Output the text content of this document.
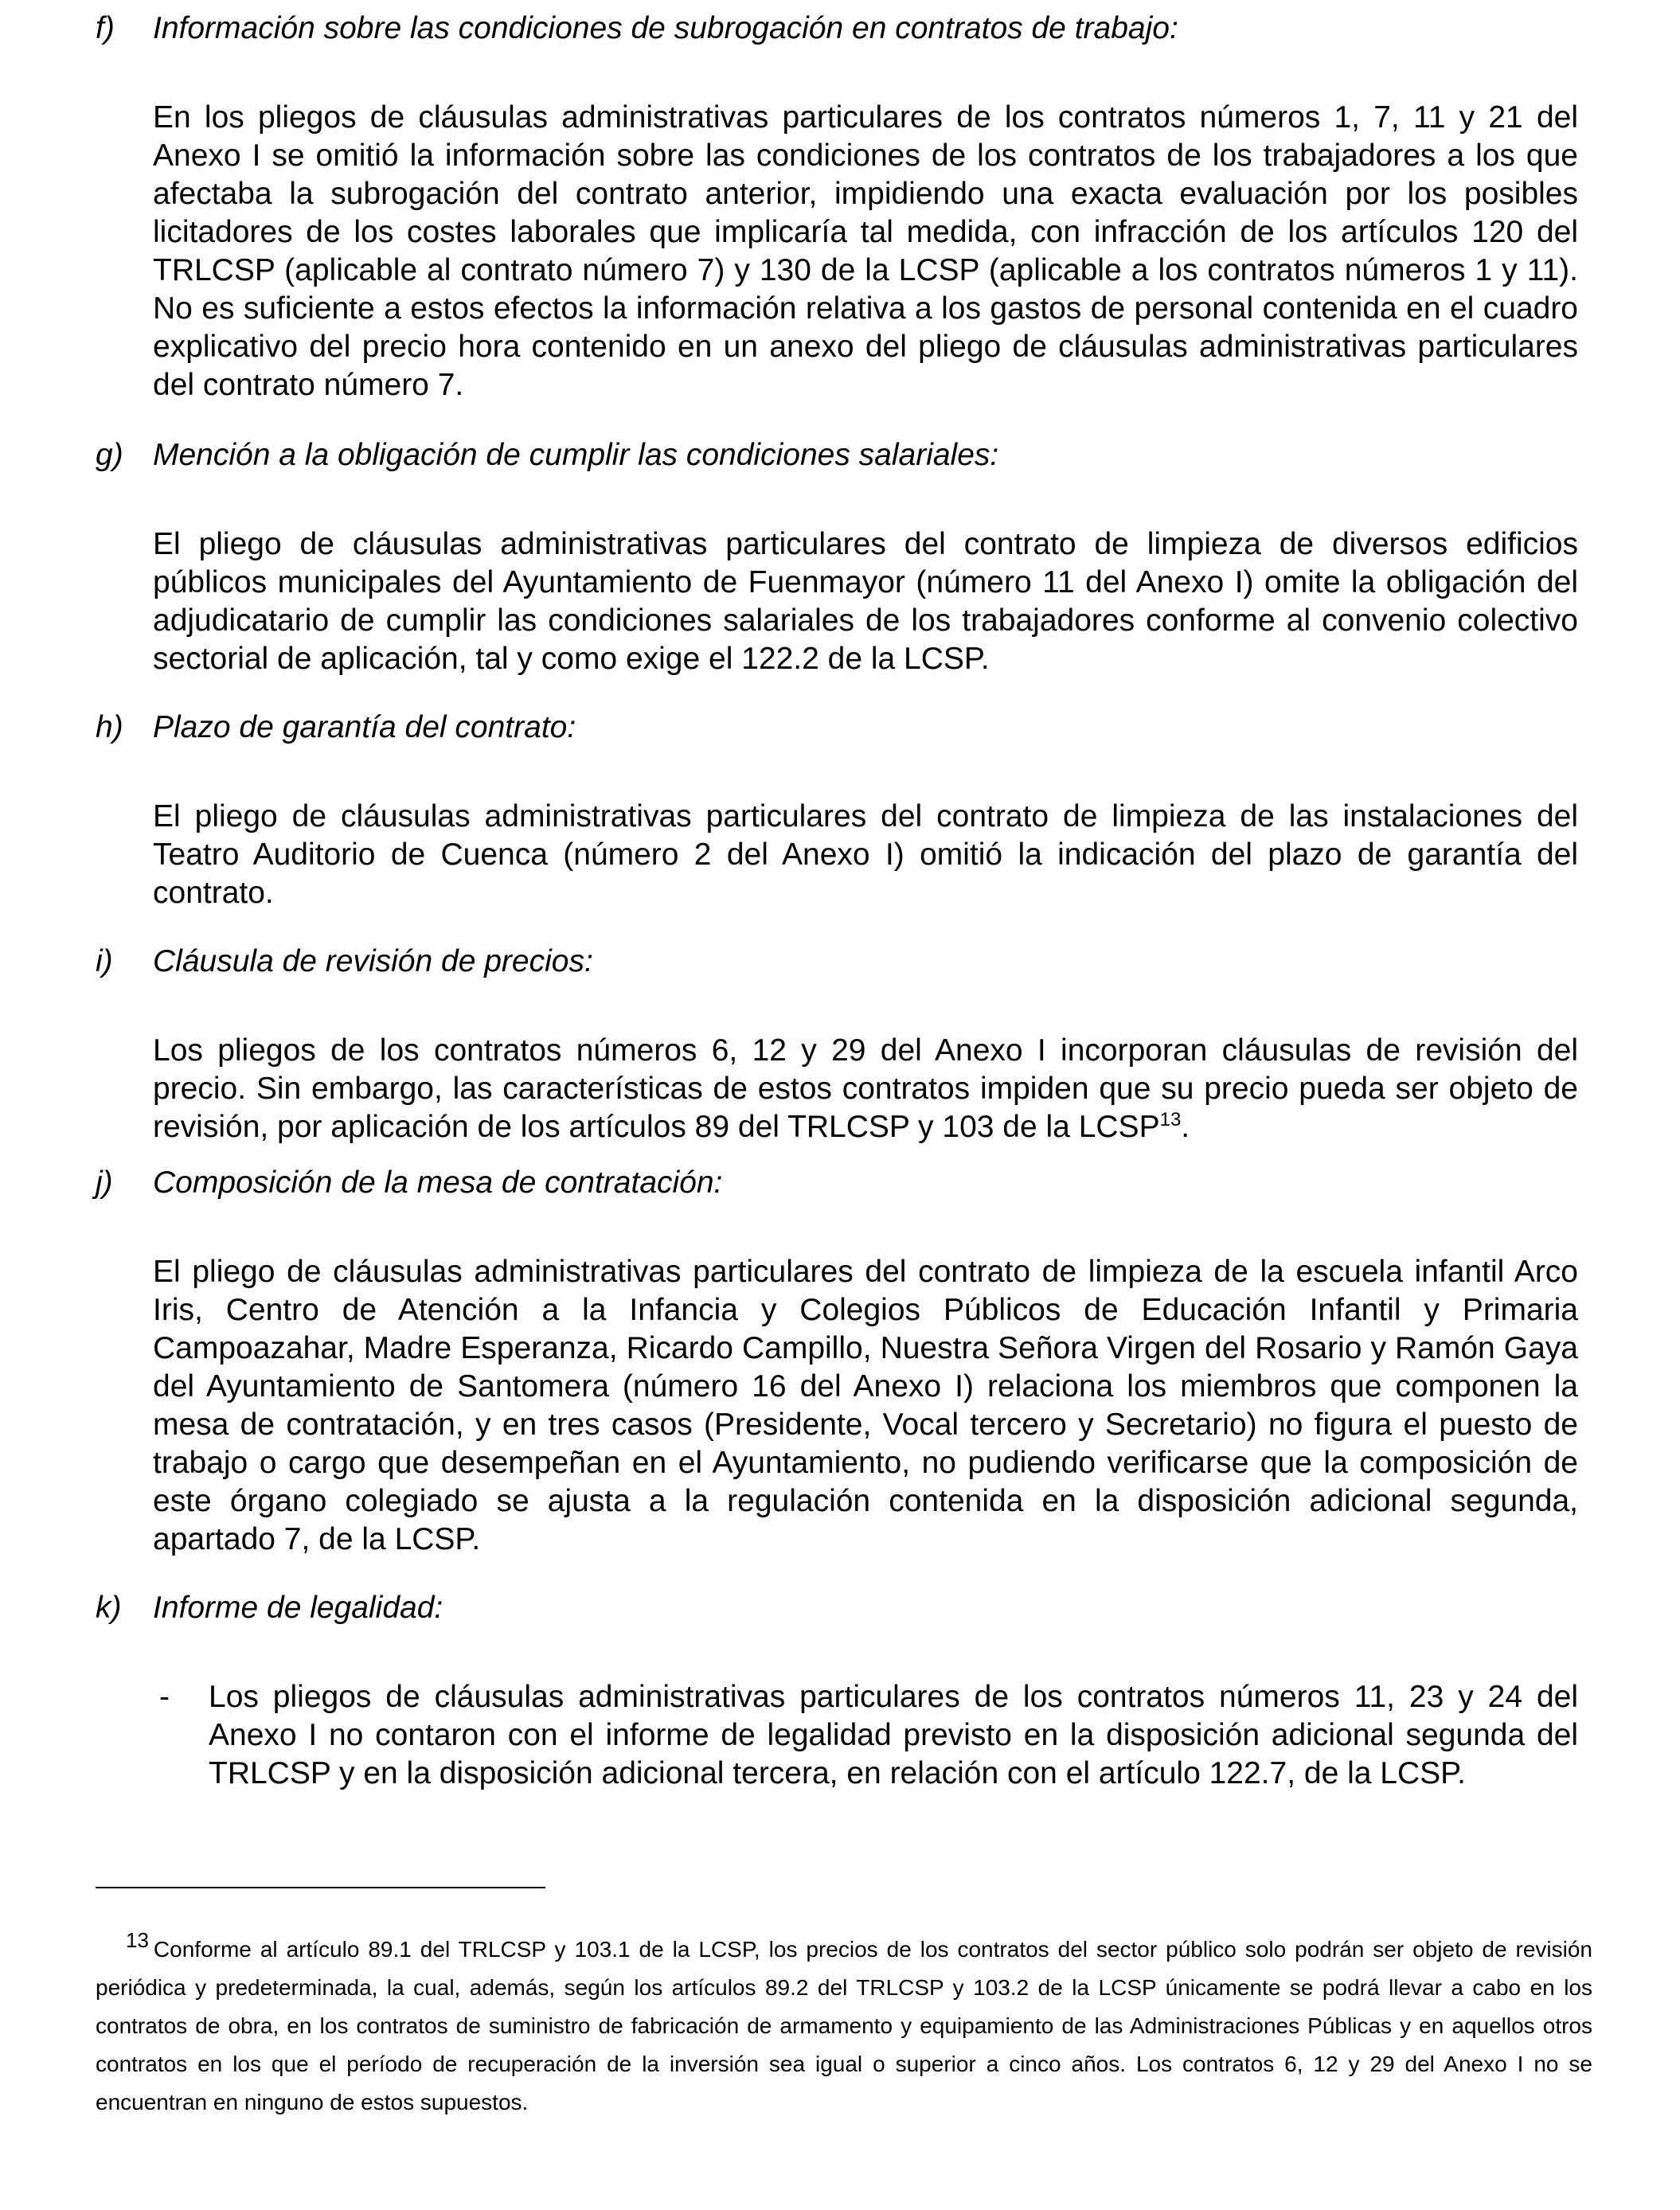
f) Información sobre las condiciones de subrogación en contratos de trabajo:
En los pliegos de cláusulas administrativas particulares de los contratos números 1, 7, 11 y 21 del Anexo I se omitió la información sobre las condiciones de los contratos de los trabajadores a los que afectaba la subrogación del contrato anterior, impidiendo una exacta evaluación por los posibles licitadores de los costes laborales que implicaría tal medida, con infracción de los artículos 120 del TRLCSP (aplicable al contrato número 7) y 130 de la LCSP (aplicable a los contratos números 1 y 11). No es suficiente a estos efectos la información relativa a los gastos de personal contenida en el cuadro explicativo del precio hora contenido en un anexo del pliego de cláusulas administrativas particulares del contrato número 7.
g) Mención a la obligación de cumplir las condiciones salariales:
El pliego de cláusulas administrativas particulares del contrato de limpieza de diversos edificios públicos municipales del Ayuntamiento de Fuenmayor (número 11 del Anexo I) omite la obligación del adjudicatario de cumplir las condiciones salariales de los trabajadores conforme al convenio colectivo sectorial de aplicación, tal y como exige el 122.2 de la LCSP.
h) Plazo de garantía del contrato:
El pliego de cláusulas administrativas particulares del contrato de limpieza de las instalaciones del Teatro Auditorio de Cuenca (número 2 del Anexo I) omitió la indicación del plazo de garantía del contrato.
i) Cláusula de revisión de precios:
Los pliegos de los contratos números 6, 12 y 29 del Anexo I incorporan cláusulas de revisión del precio. Sin embargo, las características de estos contratos impiden que su precio pueda ser objeto de revisión, por aplicación de los artículos 89 del TRLCSP y 103 de la LCSP$^{13}$.
j) Composición de la mesa de contratación:
El pliego de cláusulas administrativas particulares del contrato de limpieza de la escuela infantil Arco Iris, Centro de Atención a la Infancia y Colegios Públicos de Educación Infantil y Primaria Campoazahar, Madre Esperanza, Ricardo Campillo, Nuestra Señora Virgen del Rosario y Ramón Gaya del Ayuntamiento de Santomera (número 16 del Anexo I) relaciona los miembros que componen la mesa de contratación, y en tres casos (Presidente, Vocal tercero y Secretario) no figura el puesto de trabajo o cargo que desempeñan en el Ayuntamiento, no pudiendo verificarse que la composición de este órgano colegiado se ajusta a la regulación contenida en la disposición adicional segunda, apartado 7, de la LCSP.
k) Informe de legalidad:
- Los pliegos de cláusulas administrativas particulares de los contratos números 11, 23 y 24 del Anexo I no contaron con el informe de legalidad previsto en la disposición adicional segunda del TRLCSP y en la disposición adicional tercera, en relación con el artículo 122.7, de la LCSP.
13 Conforme al artículo 89.1 del TRLCSP y 103.1 de la LCSP, los precios de los contratos del sector público solo podrán ser objeto de revisión periódica y predeterminada, la cual, además, según los artículos 89.2 del TRLCSP y 103.2 de la LCSP únicamente se podrá llevar a cabo en los contratos de obra, en los contratos de suministro de fabricación de armamento y equipamiento de las Administraciones Públicas y en aquellos otros contratos en los que el período de recuperación de la inversión sea igual o superior a cinco años. Los contratos 6, 12 y 29 del Anexo I no se encuentran en ninguno de estos supuestos.
